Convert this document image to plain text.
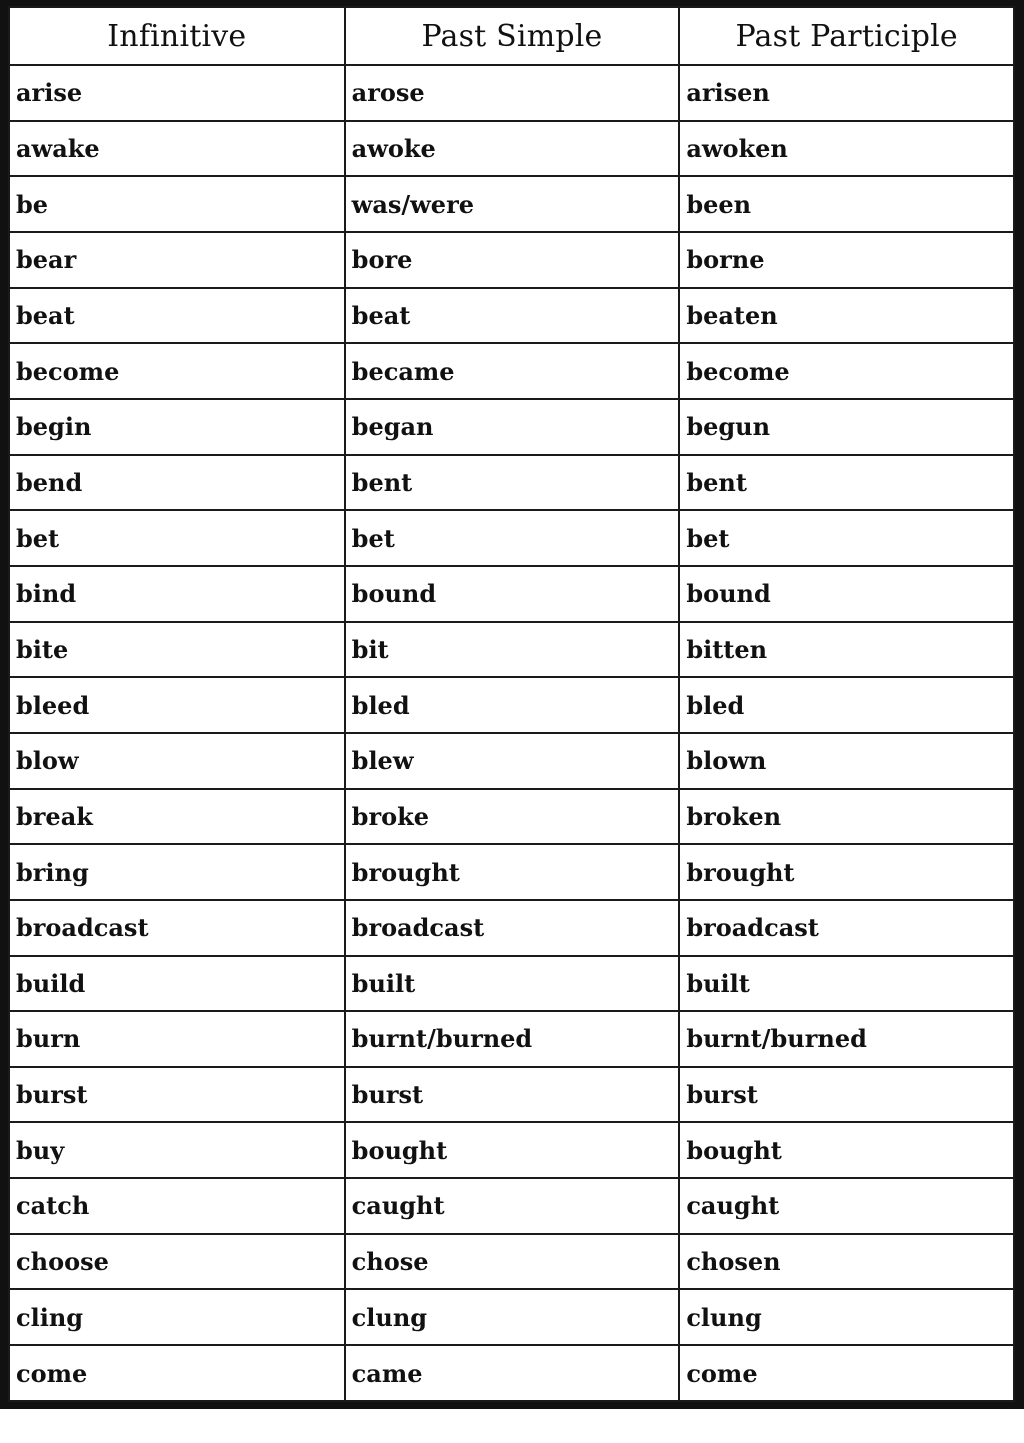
Infinitive	Past Simple	Past Participle
arise	arose	arisen
awake	awoke	awoken
be	was/were	been
bear	bore	borne
beat	beat	beaten
become	became	become
begin	began	begun
bend	bent	bent
bet	bet	bet
bind	bound	bound
bite	bit	bitten
bleed	bled	bled
blow	blew	blown
break	broke	broken
bring	brought	brought
broadcast	broadcast	broadcast
build	built	built
burn	burnt/burned	burnt/burned
burst	burst	burst
buy	bought	bought
catch	caught	caught
choose	chose	chosen
cling	clung	clung
come	came	come
